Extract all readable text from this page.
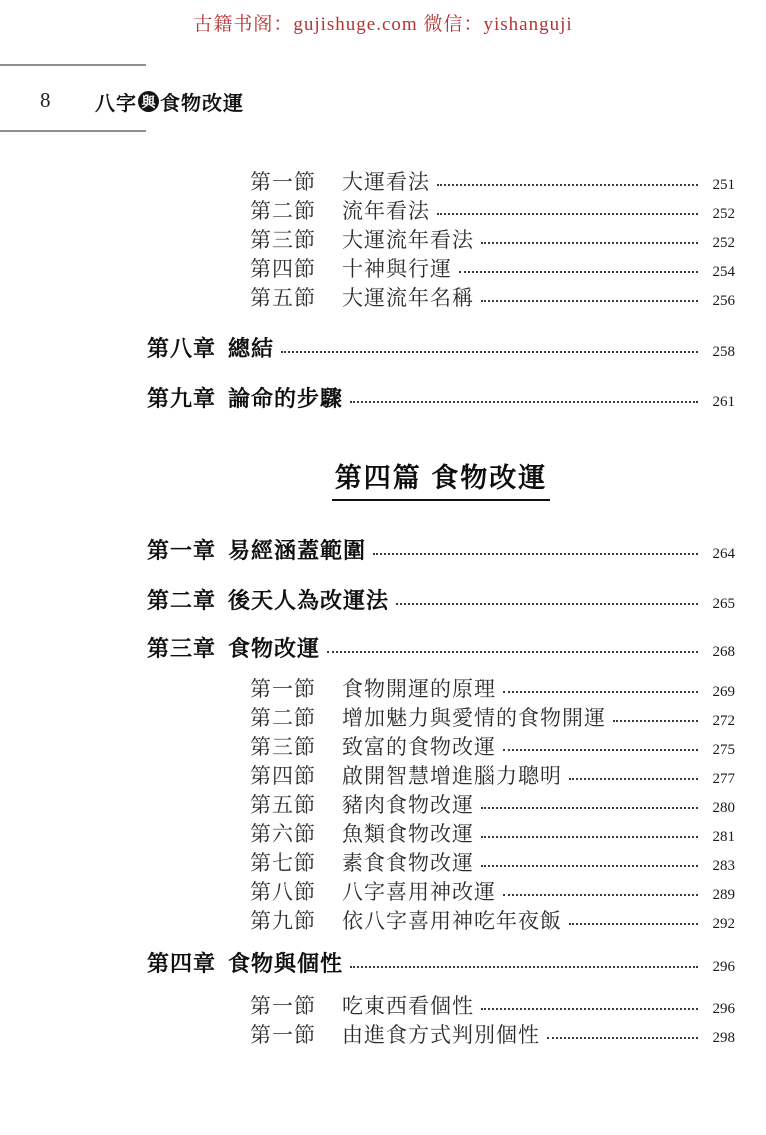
古籍书阁：gujishuge.com 微信：yishanguji
8 八字 與 食物改運
第一節	大運看法	251
第二節	流年看法	252
第三節	大運流年看法	252
第四節	十神與行運	254
第五節	大運流年名稱	256
第八章 總結	258
第九章 論命的步驟	261
第四篇 食物改運
第一章 易經涵蓋範圍	264
第二章 後天人為改運法	265
第三章 食物改運	268
第一節	食物開運的原理	269
第二節	增加魅力與愛情的食物開運	272
第三節	致富的食物改運	275
第四節	啟開智慧增進腦力聰明	277
第五節	豬肉食物改運	280
第六節	魚類食物改運	281
第七節	素食食物改運	283
第八節	八字喜用神改運	289
第九節	依八字喜用神吃年夜飯	292
第四章 食物與個性	296
第一節	吃東西看個性	296
第一節	由進食方式判別個性	298
